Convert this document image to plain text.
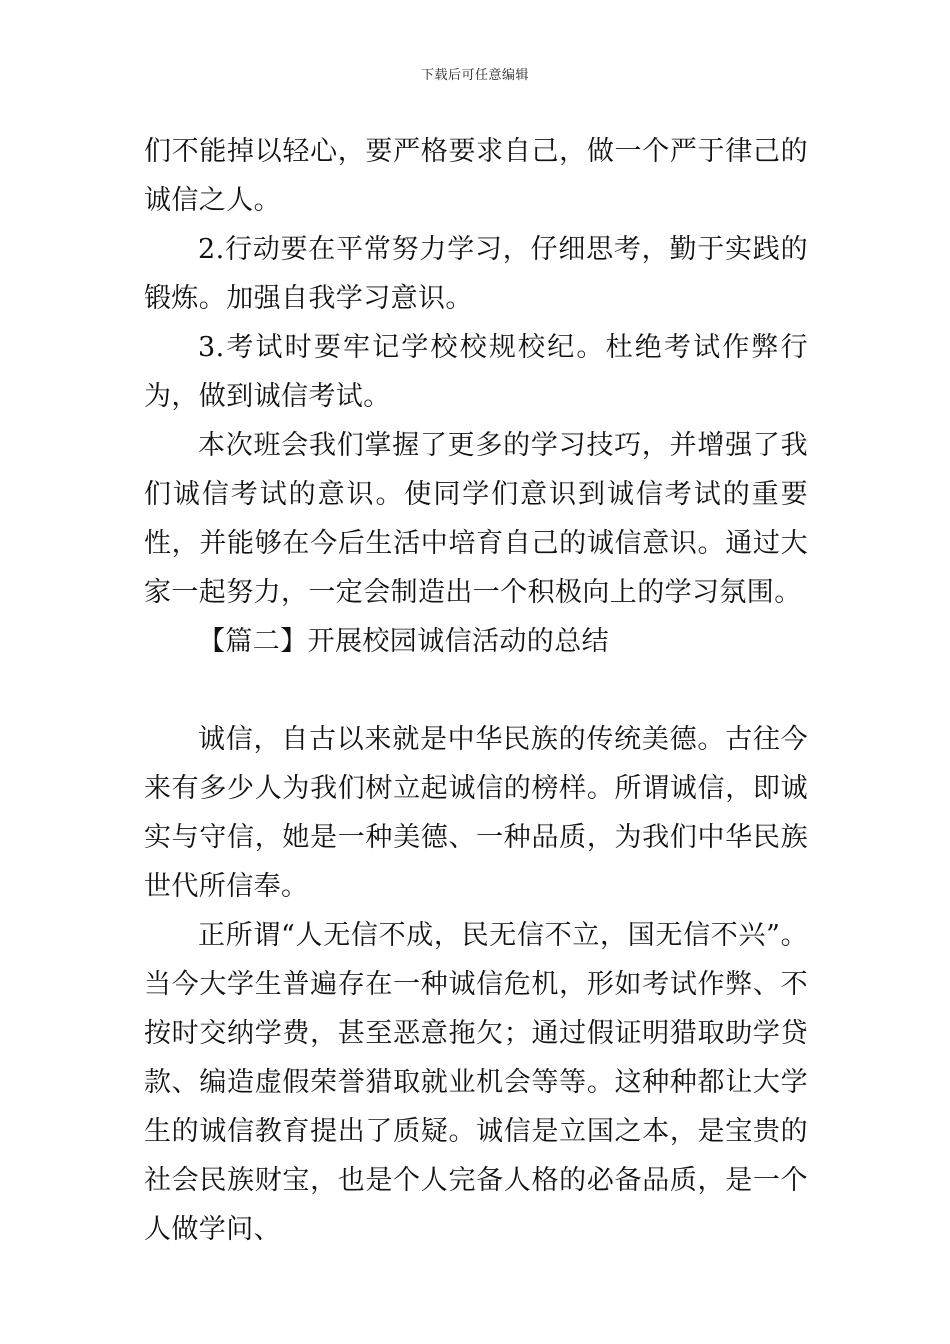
下载后可任意编辑

们不能掉以轻心，要严格要求自己，做一个严于律己的诚信之人。

2.行动要在平常努力学习，仔细思考，勤于实践的锻炼。加强自我学习意识。

3.考试时要牢记学校校规校纪。杜绝考试作弊行为，做到诚信考试。

本次班会我们掌握了更多的学习技巧，并增强了我们诚信考试的意识。使同学们意识到诚信考试的重要性，并能够在今后生活中培育自己的诚信意识。通过大家一起努力，一定会制造出一个积极向上的学习氛围。

【篇二】开展校园诚信活动的总结

诚信，自古以来就是中华民族的传统美德。古往今来有多少人为我们树立起诚信的榜样。所谓诚信，即诚实与守信，她是一种美德、一种品质，为我们中华民族世代所信奉。

正所谓“人无信不成，民无信不立，国无信不兴”。当今大学生普遍存在一种诚信危机，形如考试作弊、不按时交纳学费，甚至恶意拖欠；通过假证明猎取助学贷款、编造虚假荣誉猎取就业机会等等。这种种都让大学生的诚信教育提出了质疑。诚信是立国之本，是宝贵的社会民族财宝，也是个人完备人格的必备品质，是一个人做学问、
